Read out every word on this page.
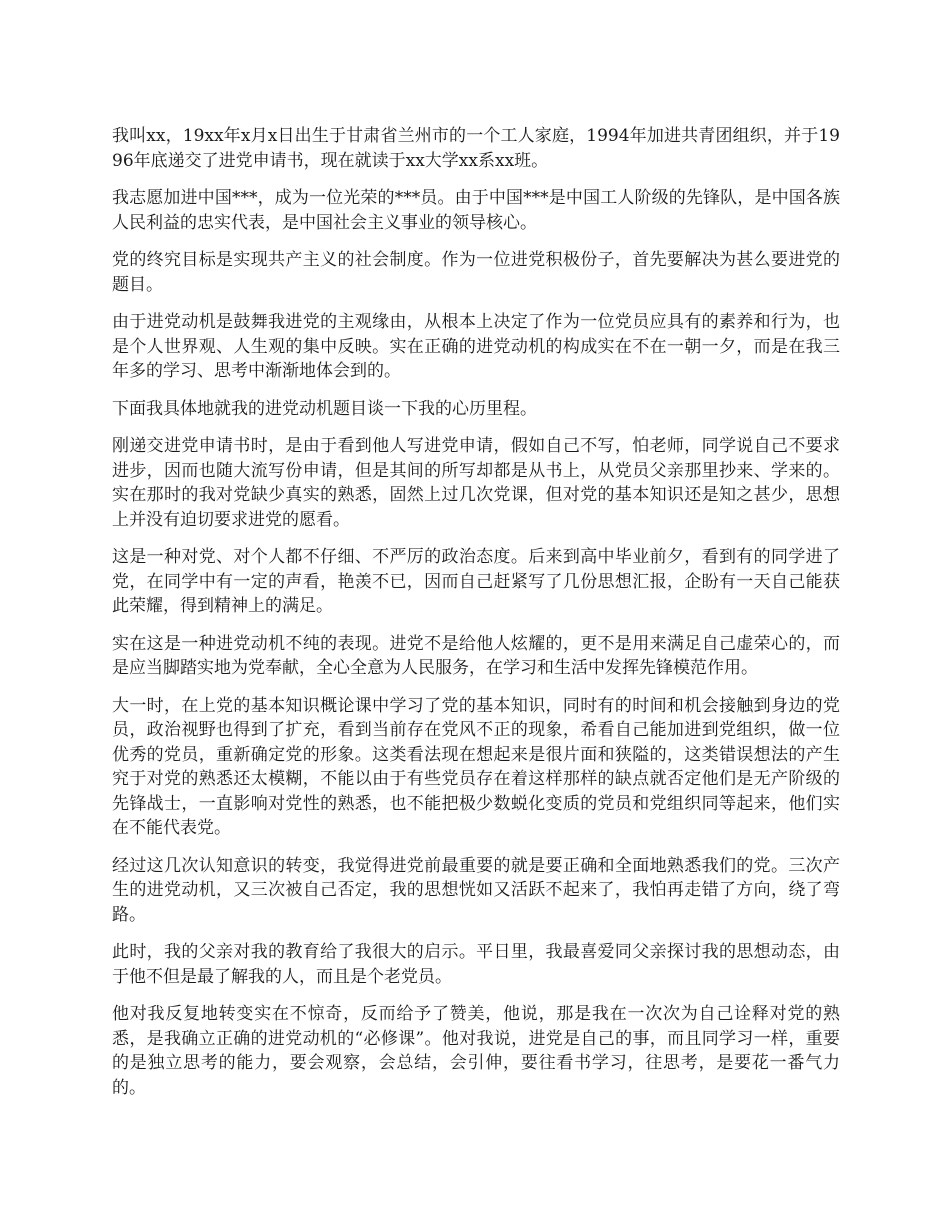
我叫xx，19xx年x月x日出生于甘肃省兰州市的一个工人家庭，1994年加进共青团组织，并于1996年底递交了进党申请书，现在就读于xx大学xx系xx班。

我志愿加进中国***，成为一位光荣的***员。由于中国***是中国工人阶级的先锋队，是中国各族人民利益的忠实代表，是中国社会主义事业的领导核心。

党的终究目标是实现共产主义的社会制度。作为一位进党积极份子，首先要解决为甚么要进党的题目。

由于进党动机是鼓舞我进党的主观缘由，从根本上决定了作为一位党员应具有的素养和行为，也是个人世界观、人生观的集中反映。实在正确的进党动机的构成实在不在一朝一夕，而是在我三年多的学习、思考中渐渐地体会到的。

下面我具体地就我的进党动机题目谈一下我的心历里程。

刚递交进党申请书时，是由于看到他人写进党申请，假如自己不写，怕老师，同学说自己不要求进步，因而也随大流写份申请，但是其间的所写却都是从书上，从党员父亲那里抄来、学来的。实在那时的我对党缺少真实的熟悉，固然上过几次党课，但对党的基本知识还是知之甚少，思想上并没有迫切要求进党的愿看。

这是一种对党、对个人都不仔细、不严厉的政治态度。后来到高中毕业前夕，看到有的同学进了党，在同学中有一定的声看，艳羡不已，因而自己赶紧写了几份思想汇报，企盼有一天自己能获此荣耀，得到精神上的满足。

实在这是一种进党动机不纯的表现。进党不是给他人炫耀的，更不是用来满足自己虚荣心的，而是应当脚踏实地为党奉献，全心全意为人民服务，在学习和生活中发挥先锋模范作用。

大一时，在上党的基本知识概论课中学习了党的基本知识，同时有的时间和机会接触到身边的党员，政治视野也得到了扩充，看到当前存在党风不正的现象，希看自己能加进到党组织，做一位优秀的党员，重新确定党的形象。这类看法现在想起来是很片面和狭隘的，这类错误想法的产生究于对党的熟悉还太模糊，不能以由于有些党员存在着这样那样的缺点就否定他们是无产阶级的先锋战士，一直影响对党性的熟悉，也不能把极少数蜕化变质的党员和党组织同等起来，他们实在不能代表党。

经过这几次认知意识的转变，我觉得进党前最重要的就是要正确和全面地熟悉我们的党。三次产生的进党动机，又三次被自己否定，我的思想恍如又活跃不起来了，我怕再走错了方向，绕了弯路。

此时，我的父亲对我的教育给了我很大的启示。平日里，我最喜爱同父亲探讨我的思想动态，由于他不但是最了解我的人，而且是个老党员。

他对我反复地转变实在不惊奇，反而给予了赞美，他说，那是我在一次次为自己诠释对党的熟悉，是我确立正确的进党动机的“必修课”。他对我说，进党是自己的事，而且同学习一样，重要的是独立思考的能力，要会观察，会总结，会引伸，要往看书学习，往思考，是要花一番气力的。
